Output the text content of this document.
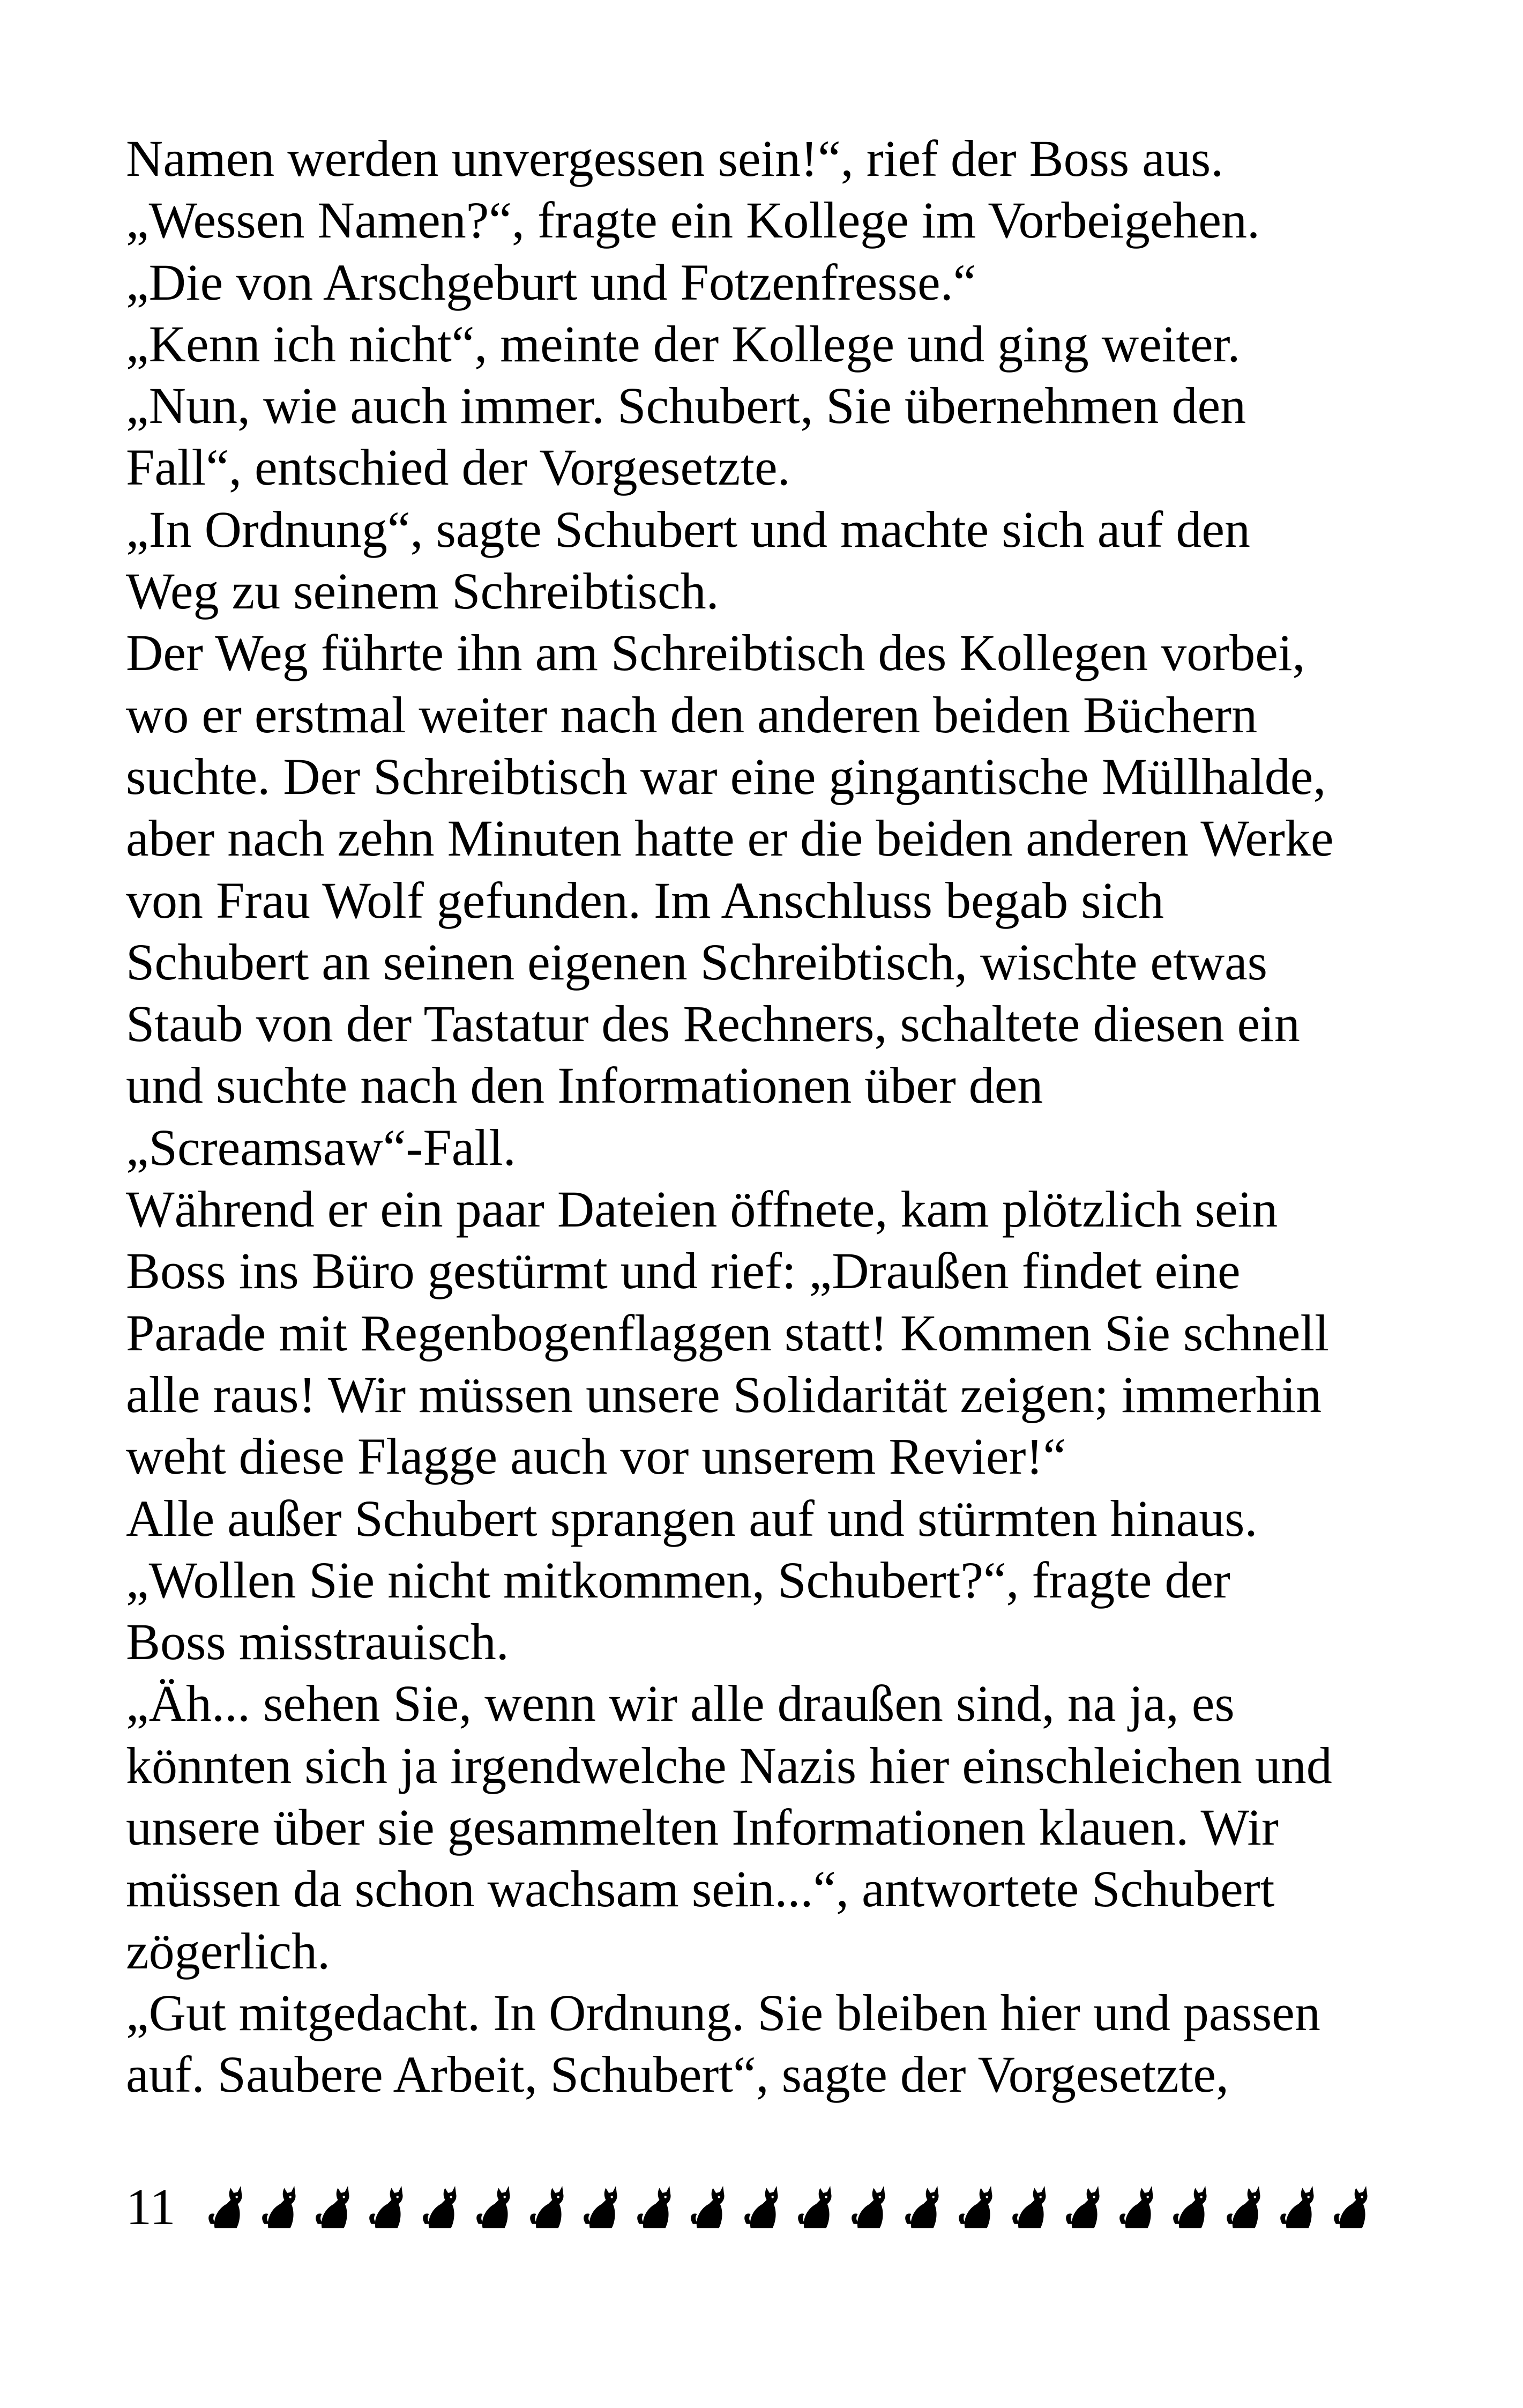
Namen werden unvergessen sein!“, rief der Boss aus.
„Wessen Namen?“, fragte ein Kollege im Vorbeigehen.
„Die von Arschgeburt und Fotzenfresse.“
„Kenn ich nicht“, meinte der Kollege und ging weiter.
„Nun, wie auch immer. Schubert, Sie übernehmen den
Fall“, entschied der Vorgesetzte.
„In Ordnung“, sagte Schubert und machte sich auf den
Weg zu seinem Schreibtisch.
Der Weg führte ihn am Schreibtisch des Kollegen vorbei,
wo er erstmal weiter nach den anderen beiden Büchern
suchte. Der Schreibtisch war eine gingantische Müllhalde,
aber nach zehn Minuten hatte er die beiden anderen Werke
von Frau Wolf gefunden. Im Anschluss begab sich
Schubert an seinen eigenen Schreibtisch, wischte etwas
Staub von der Tastatur des Rechners, schaltete diesen ein
und suchte nach den Informationen über den
„Screamsaw“-Fall.
Während er ein paar Dateien öffnete, kam plötzlich sein
Boss ins Büro gestürmt und rief: „Draußen findet eine
Parade mit Regenbogenflaggen statt! Kommen Sie schnell
alle raus! Wir müssen unsere Solidarität zeigen; immerhin
weht diese Flagge auch vor unserem Revier!“
Alle außer Schubert sprangen auf und stürmten hinaus.
„Wollen Sie nicht mitkommen, Schubert?“, fragte der
Boss misstrauisch.
„Äh... sehen Sie, wenn wir alle draußen sind, na ja, es
könnten sich ja irgendwelche Nazis hier einschleichen und
unsere über sie gesammelten Informationen klauen. Wir
müssen da schon wachsam sein...“, antwortete Schubert
zögerlich.
„Gut mitgedacht. In Ordnung. Sie bleiben hier und passen
auf. Saubere Arbeit, Schubert“, sagte der Vorgesetzte,
11
